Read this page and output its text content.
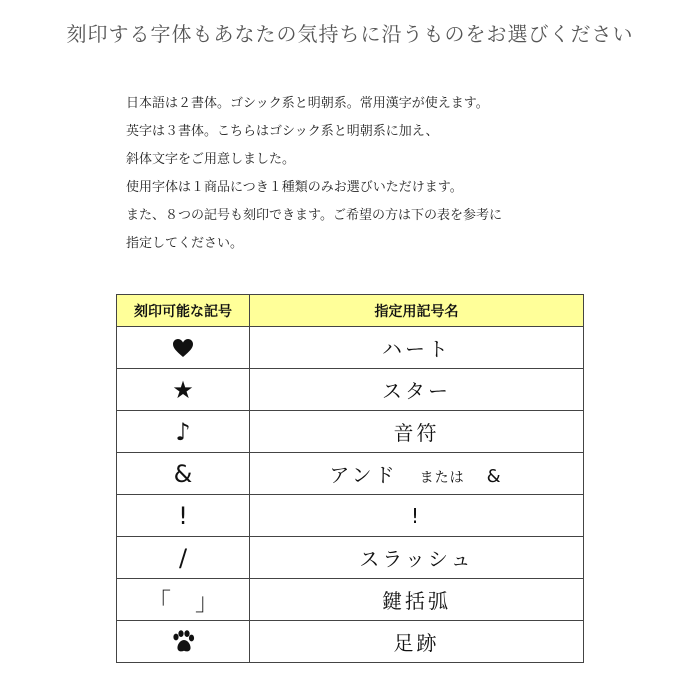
刻印する字体もあなたの気持ちに沿うものをお選びください

日本語は２書体。ゴシック系と明朝系。常用漢字が使えます。

英字は３書体。こちらはゴシック系と明朝系に加え、

斜体文字をご用意しました。

使用字体は１商品につき１種類のみお選びいただけます。

また、８つの記号も刻印できます。ご希望の方は下の表を参考に

指定してください。

刻印可能な記号	指定用記号名

	ハート
★	スター
♪	音符
&	アンド または &
!	!
/	スラッシュ
「　」	鍵括弧

	足跡
